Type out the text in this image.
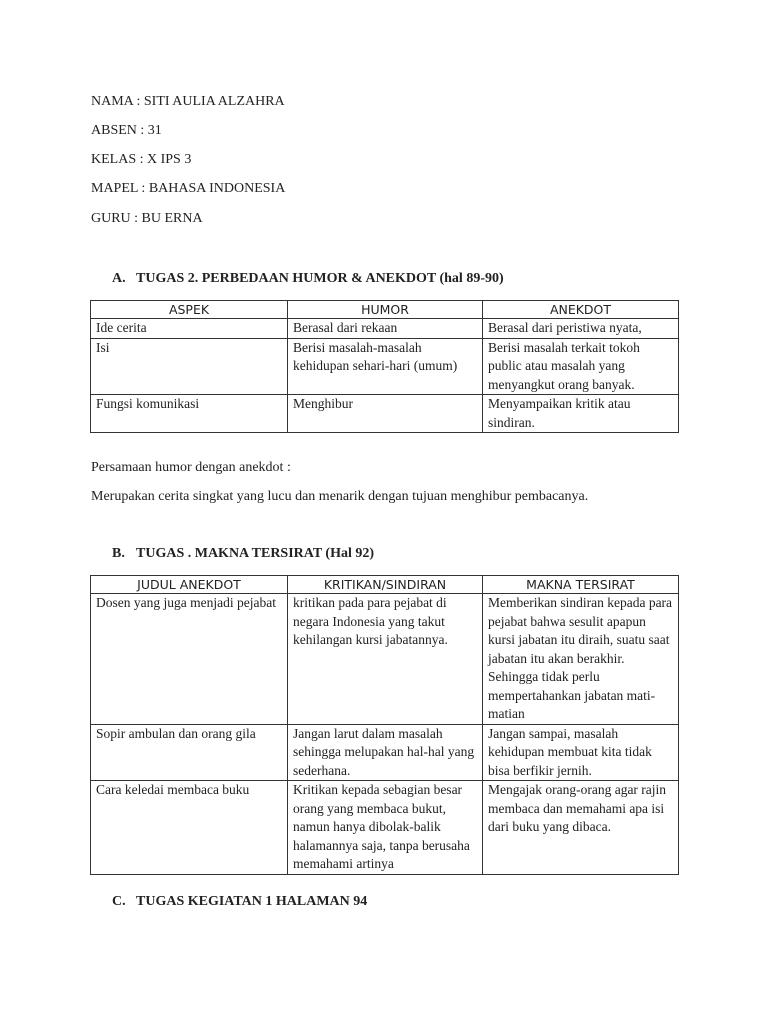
NAMA : SITI AULIA ALZAHRA
ABSEN : 31
KELAS : X IPS 3
MAPEL : BAHASA INDONESIA
GURU : BU ERNA
A. TUGAS 2. PERBEDAAN HUMOR & ANEKDOT (hal 89-90)
ASPEK	HUMOR	ANEKDOT
Ide cerita	Berasal dari rekaan	Berasal dari peristiwa nyata,
Isi	Berisi masalah-masalah kehidupan sehari-hari (umum)	Berisi masalah terkait tokoh public atau masalah yang menyangkut orang banyak.
Fungsi komunikasi	Menghibur	Menyampaikan kritik atau sindiran.
Persamaan humor dengan anekdot :
Merupakan cerita singkat yang lucu dan menarik dengan tujuan menghibur pembacanya.
B. TUGAS . MAKNA TERSIRAT (Hal 92)
JUDUL ANEKDOT	KRITIKAN/SINDIRAN	MAKNA TERSIRAT
Dosen yang juga menjadi pejabat	kritikan pada para pejabat di negara Indonesia yang takut kehilangan kursi jabatannya.	Memberikan sindiran kepada para pejabat bahwa sesulit apapun kursi jabatan itu diraih, suatu saat jabatan itu akan berakhir. Sehingga tidak perlu mempertahankan jabatan mati-matian
Sopir ambulan dan orang gila	Jangan larut dalam masalah sehingga melupakan hal-hal yang sederhana.	Jangan sampai, masalah kehidupan membuat kita tidak bisa berfikir jernih.
Cara keledai membaca buku	Kritikan kepada sebagian besar orang yang membaca bukut, namun hanya dibolak-balik halamannya saja, tanpa berusaha memahami artinya	Mengajak orang-orang agar rajin membaca dan memahami apa isi dari buku yang dibaca.
C. TUGAS KEGIATAN 1 HALAMAN 94
